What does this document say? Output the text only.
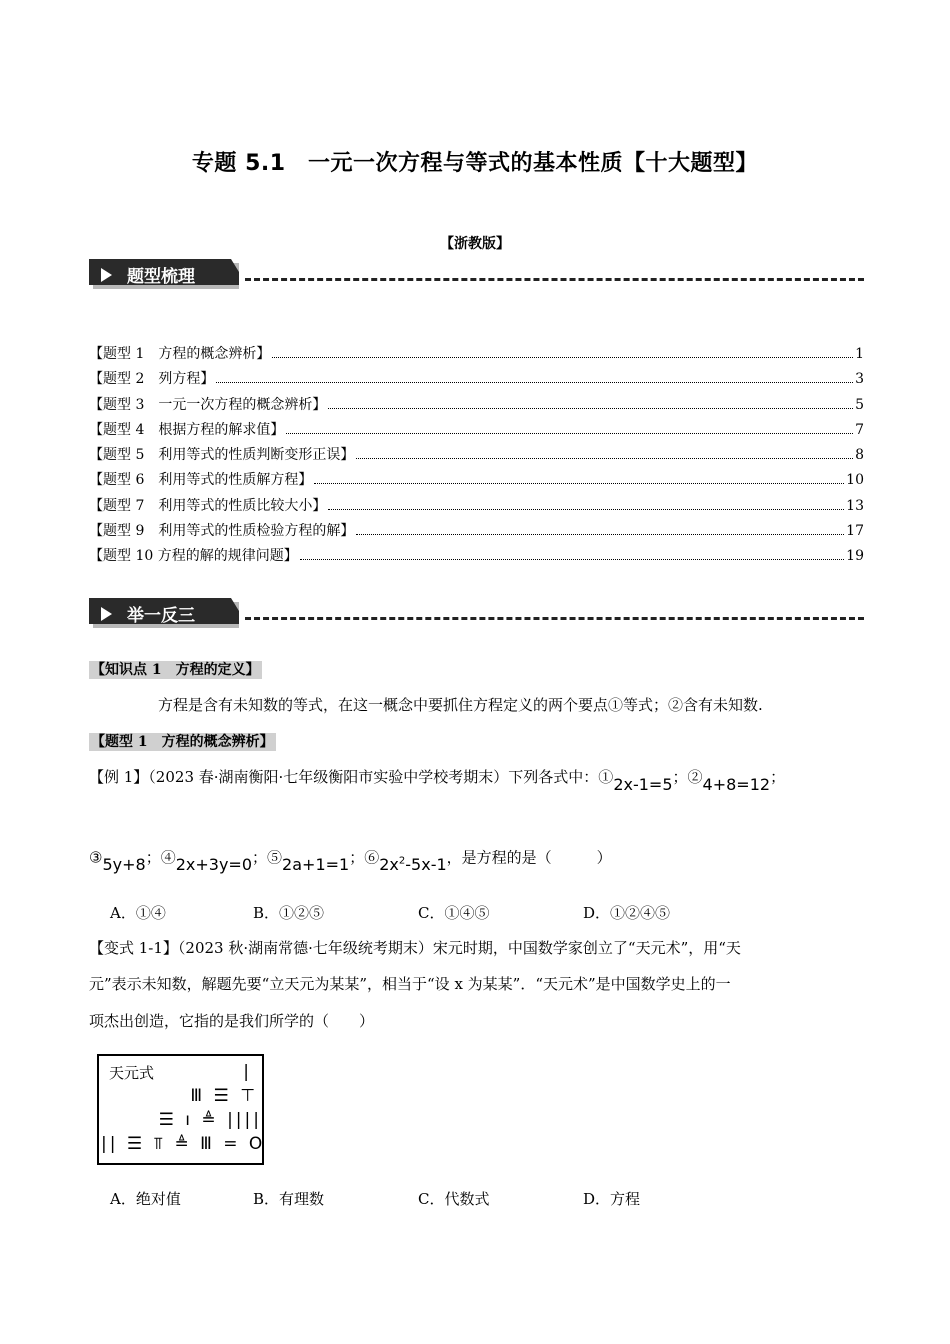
专题 5.1　一元一次方程与等式的基本性质【十大题型】
【浙教版】
题型梳理
【题型 1　方程的概念辨析】	1
【题型 2　列方程】	3
【题型 3　一元一次方程的概念辨析】	5
【题型 4　根据方程的解求值】	7
【题型 5　利用等式的性质判断变形正误】	8
【题型 6　利用等式的性质解方程】	10
【题型 7　利用等式的性质比较大小】	13
【题型 9　利用等式的性质检验方程的解】	17
【题型 10 方程的解的规律问题】	19
举一反三
【知识点 1　方程的定义】
方程是含有未知数的等式，在这一概念中要抓住方程定义的两个要点①等式；②含有未知数.
【题型 1　方程的概念辨析】
【例 1】（2023 春·湖南衡阳·七年级衡阳市实验中学校考期末）下列各式中：①2x-1=5；②4+8=12；
③5y+8；④2x+3y=0；⑤2a+1=1；$⑥2x^2-5x-1$，是方程的是（　　　）
A．①④	B．①②⑤	C．①④⑤	D．①②④⑤
【变式 1-1】（2023 秋·湖南常德·七年级统考期末）宋元时期，中国数学家创立了“天元术”，用“天
元”表示未知数，解题先要“立天元为某某”，相当于“设 x 为某某”．“天元术”是中国数学史上的一
项杰出创造，它指的是我们所学的（　　）
天元式	|
Ⅲ ☰ ⊤
☰ ı ≜ ||||
|| ☰ ⫪ ≜ Ⅲ = O
A．绝对值	B．有理数	C．代数式	D．方程
